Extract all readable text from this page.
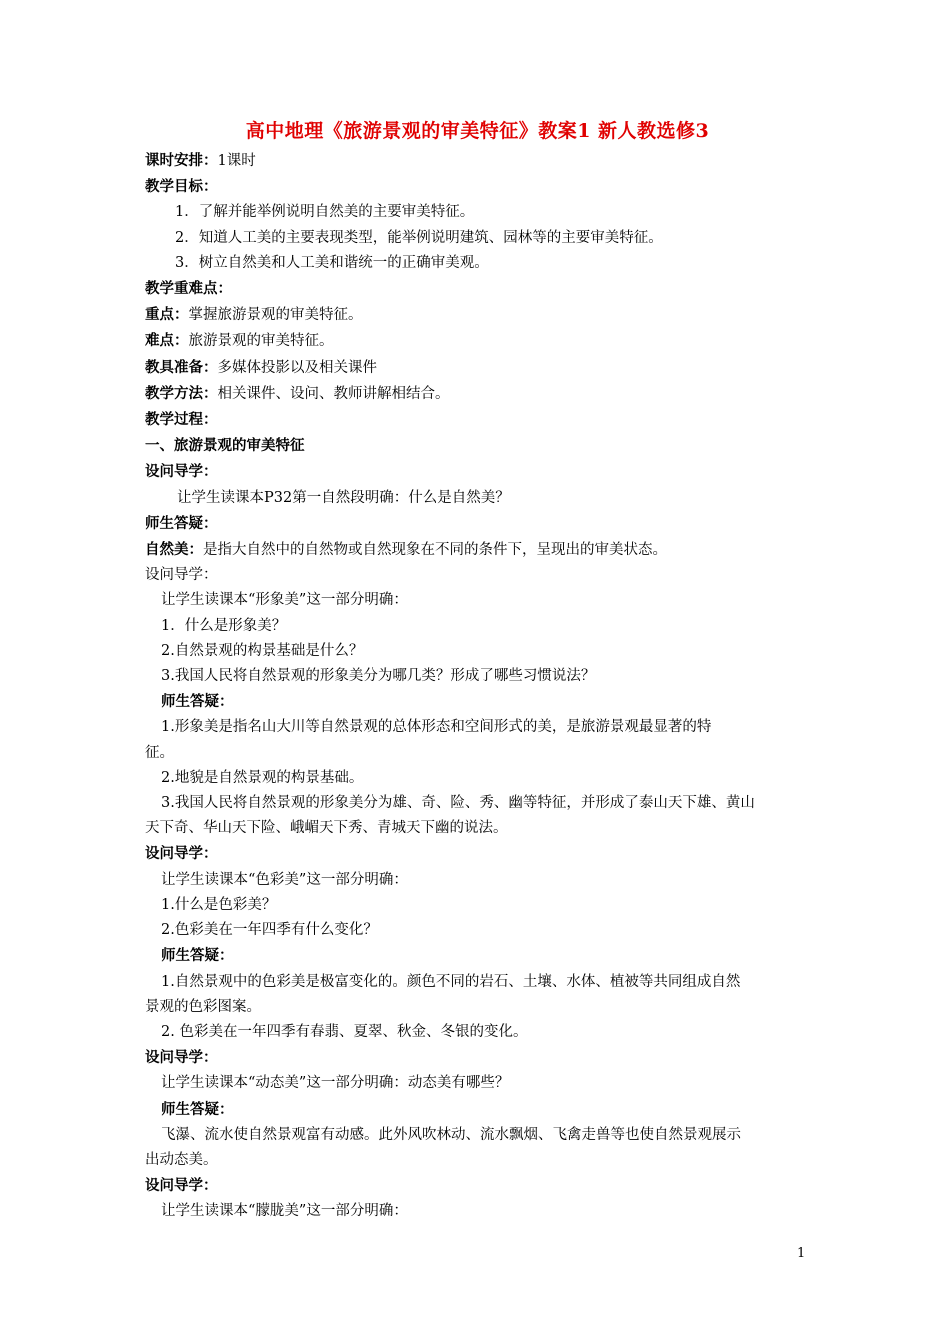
高中地理《旅游景观的审美特征》教案1 新人教选修3
课时安排：1课时
教学目标：
1．了解并能举例说明自然美的主要审美特征。
2．知道人工美的主要表现类型，能举例说明建筑、园林等的主要审美特征。
3．树立自然美和人工美和谐统一的正确审美观。
教学重难点：
重点：掌握旅游景观的审美特征。
难点：旅游景观的审美特征。
教具准备：多媒体投影以及相关课件
教学方法：相关课件、设问、教师讲解相结合。
教学过程：
一、旅游景观的审美特征
设问导学：
让学生读课本P32第一自然段明确：什么是自然美？
师生答疑：
自然美：是指大自然中的自然物或自然现象在不同的条件下，呈现出的审美状态。
设问导学：
让学生读课本“形象美”这一部分明确：
1．什么是形象美？
2.自然景观的构景基础是什么？
3.我国人民将自然景观的形象美分为哪几类？形成了哪些习惯说法？
师生答疑：
1.形象美是指名山大川等自然景观的总体形态和空间形式的美，是旅游景观最显著的特
征。
2.地貌是自然景观的构景基础。
3.我国人民将自然景观的形象美分为雄、奇、险、秀、幽等特征，并形成了泰山天下雄、黄山
天下奇、华山天下险、峨嵋天下秀、青城天下幽的说法。
设问导学：
让学生读课本“色彩美”这一部分明确：
1.什么是色彩美？
2.色彩美在一年四季有什么变化？
师生答疑：
1.自然景观中的色彩美是极富变化的。颜色不同的岩石、土壤、水体、植被等共同组成自然
景观的色彩图案。
2. 色彩美在一年四季有春翡、夏翠、秋金、冬银的变化。
设问导学：
让学生读课本“动态美”这一部分明确：动态美有哪些？
师生答疑：
飞瀑、流水使自然景观富有动感。此外风吹林动、流水飘烟、飞禽走兽等也使自然景观展示
出动态美。
设问导学：
让学生读课本“朦胧美”这一部分明确：
1
